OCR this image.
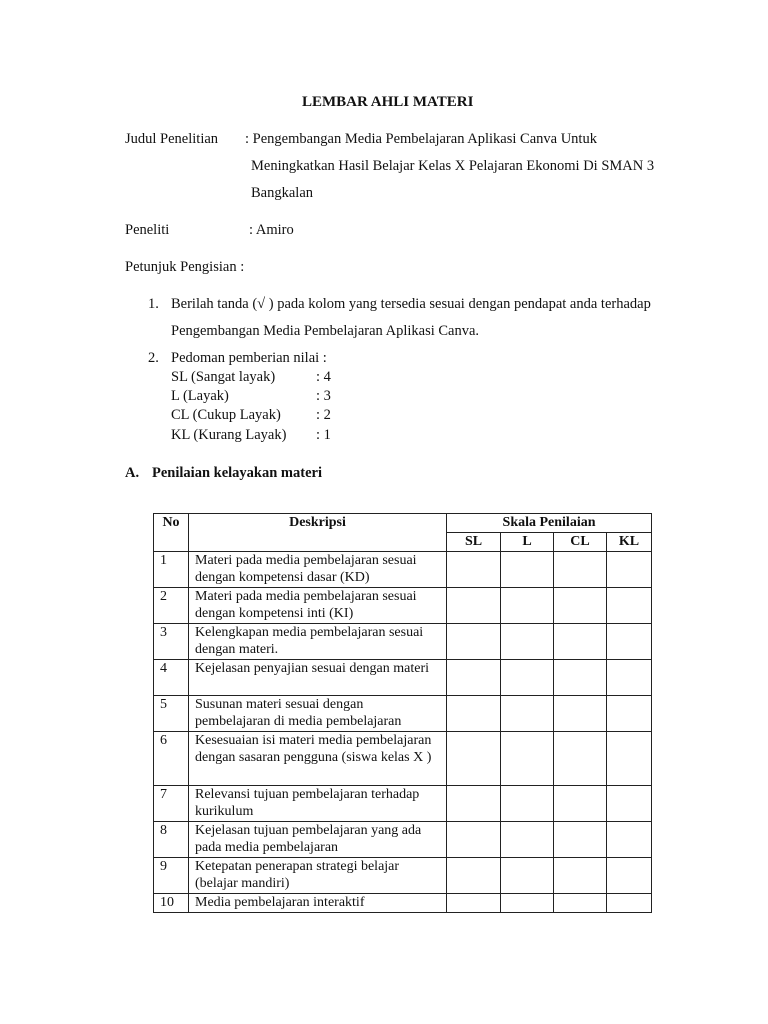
LEMBAR AHLI MATERI
Judul Penelitian : Pengembangan Media Pembelajaran Aplikasi Canva Untuk
Meningkatkan Hasil Belajar Kelas X Pelajaran Ekonomi Di SMAN 3
Bangkalan
Peneliti	: Amiro
Petunjuk Pengisian :
1. Berilah tanda (√ ) pada kolom yang tersedia sesuai dengan pendapat anda terhadap
Pengembangan Media Pembelajaran Aplikasi Canva.
2. Pedoman pemberian nilai :
SL (Sangat layak)	: 4
L (Layak)	: 3
CL (Cukup Layak) : 2
KL (Kurang Layak) : 1
A. Penilaian kelayakan materi
No	Deskripsi	Skala Penilaian			
		SL	L	CL	KL
1	Materi pada media pembelajaran sesuai dengan kompetensi dasar (KD)				
2	Materi pada media pembelajaran sesuai dengan kompetensi inti (KI)				
3	Kelengkapan media pembelajaran sesuai dengan materi.				
4	Kejelasan penyajian sesuai dengan materi				
5	Susunan materi sesuai dengan pembelajaran di media pembelajaran				
6	Kesesuaian isi materi media pembelajaran dengan sasaran pengguna (siswa kelas X )				
7	Relevansi tujuan pembelajaran terhadap kurikulum				
8	Kejelasan tujuan pembelajaran yang ada pada media pembelajaran				
9	Ketepatan penerapan strategi belajar (belajar mandiri)				
10	Media pembelajaran interaktif				
